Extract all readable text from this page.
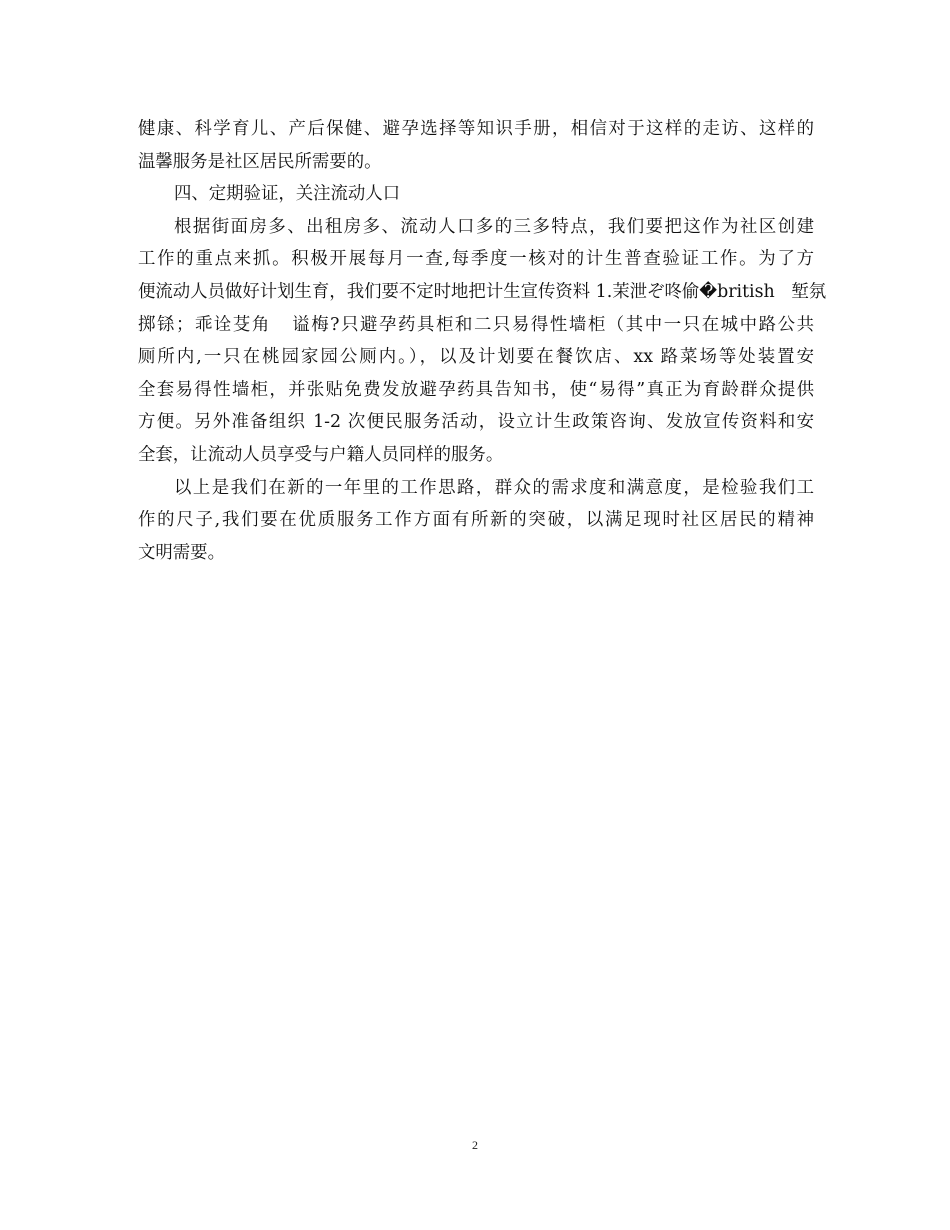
健康、科学育儿、产后保健、避孕选择等知识手册，相信对于这样的走访、这样的
温馨服务是社区居民所需要的。
四、定期验证，关注流动人口
根据街面房多、出租房多、流动人口多的三多特点，我们要把这作为社区创建
工作的重点来抓。积极开展每月一查,每季度一核对的计生普查验证工作。为了方
便流动人员做好计划生育，我们要不定时地把计生宣传资料 1.茉泄ぞ咚偷�british   堑氛
掷铩；乖诠芟角   谥梅?只避孕药具柜和二只易得性墙柜（其中一只在城中路公共
厕所内,一只在桃园家园公厕内。），以及计划要在餐饮店、xx 路菜场等处装置安
全套易得性墙柜，并张贴免费发放避孕药具告知书，使“易得”真正为育龄群众提供
方便。另外准备组织 1-2 次便民服务活动，设立计生政策咨询、发放宣传资料和安
全套，让流动人员享受与户籍人员同样的服务。
以上是我们在新的一年里的工作思路，群众的需求度和满意度，是检验我们工
作的尺子,我们要在优质服务工作方面有所新的突破，以满足现时社区居民的精神
文明需要。
2
